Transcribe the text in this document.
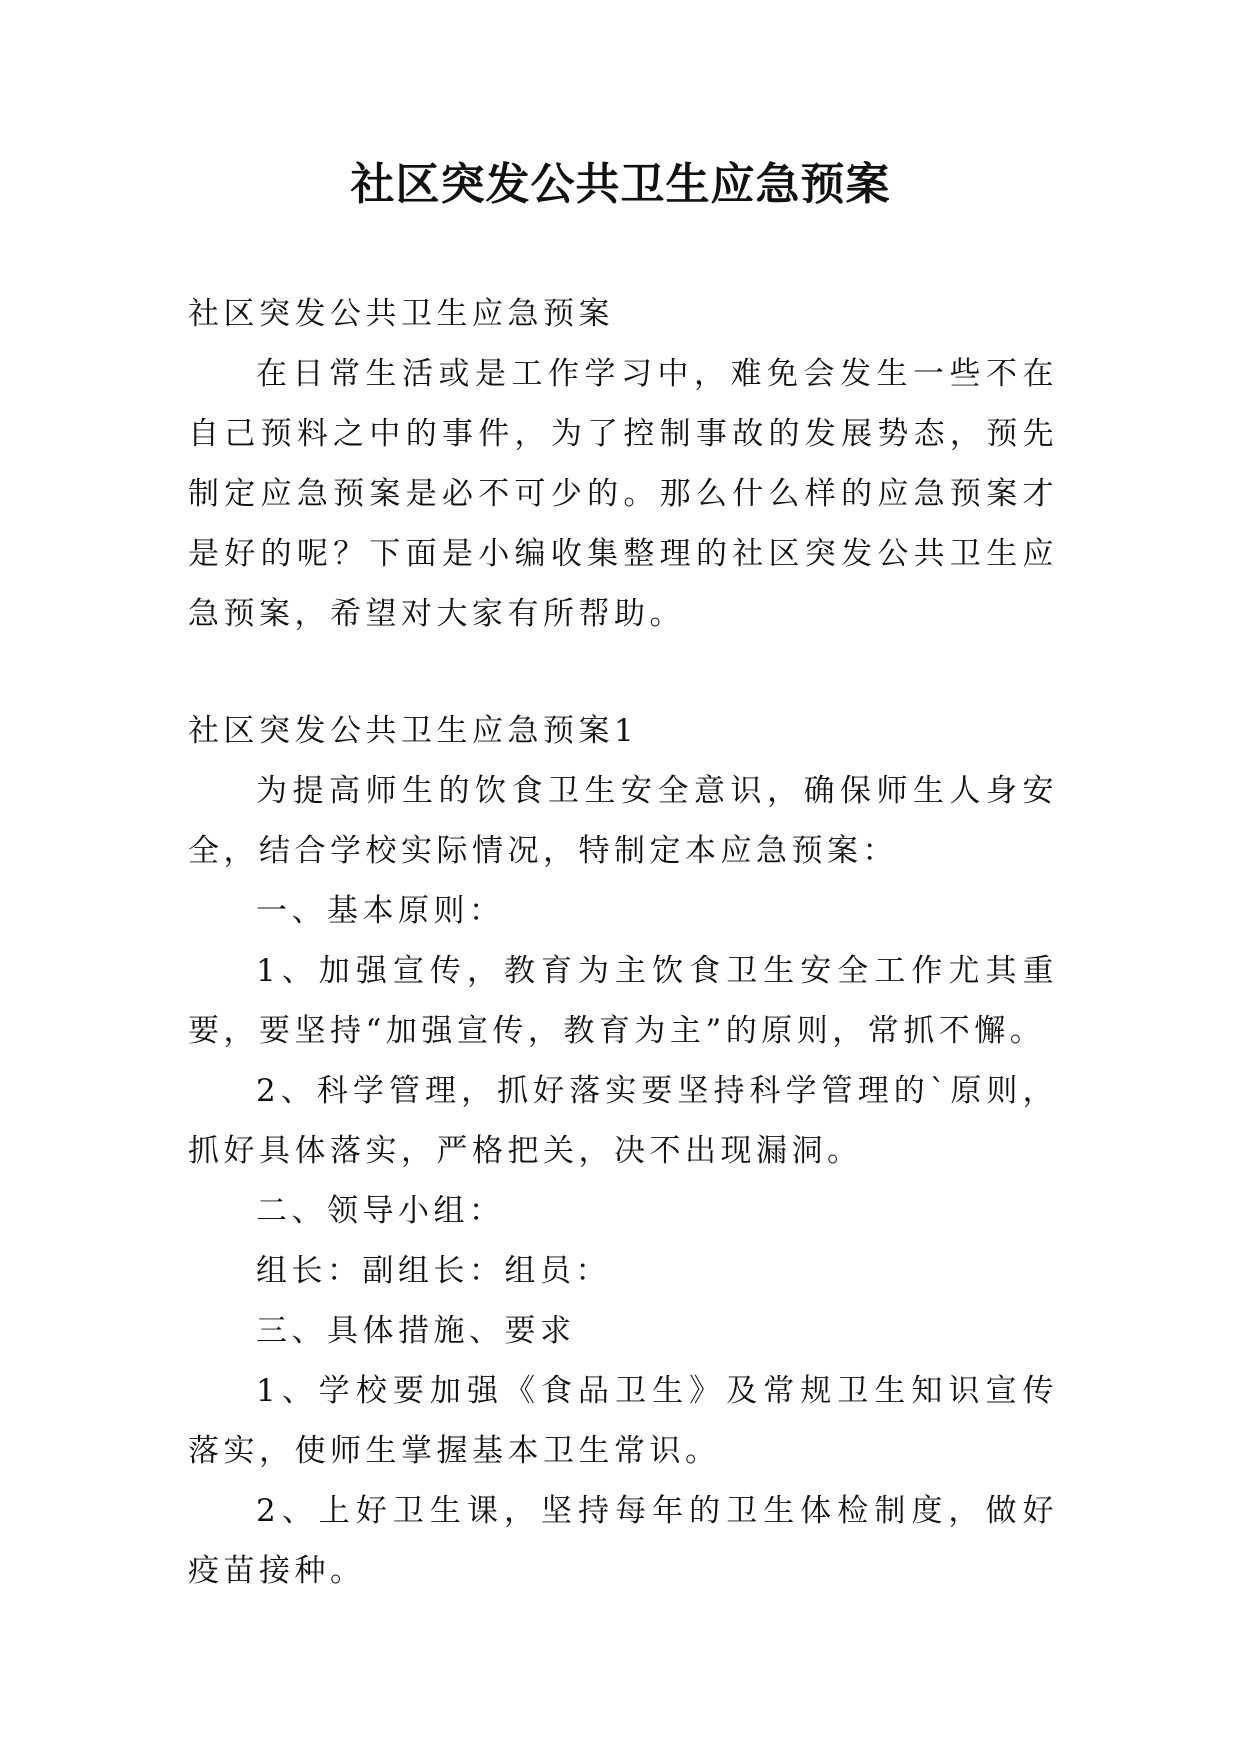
社区突发公共卫生应急预案

社区突发公共卫生应急预案

在日常生活或是工作学习中，难免会发生一些不在自己预料之中的事件，为了控制事故的发展势态，预先制定应急预案是必不可少的。那么什么样的应急预案才是好的呢？下面是小编收集整理的社区突发公共卫生应急预案，希望对大家有所帮助。

社区突发公共卫生应急预案1

为提高师生的饮食卫生安全意识，确保师生人身安全，结合学校实际情况，特制定本应急预案：

一、基本原则：

1、加强宣传，教育为主饮食卫生安全工作尤其重要，要坚持“加强宣传，教育为主”的原则，常抓不懈。

2、科学管理，抓好落实要坚持科学管理的`原则，抓好具体落实，严格把关，决不出现漏洞。

二、领导小组：

组长：副组长：组员：

三、具体措施、要求

1、学校要加强《食品卫生》及常规卫生知识宣传落实，使师生掌握基本卫生常识。

2、上好卫生课，坚持每年的卫生体检制度，做好疫苗接种。
